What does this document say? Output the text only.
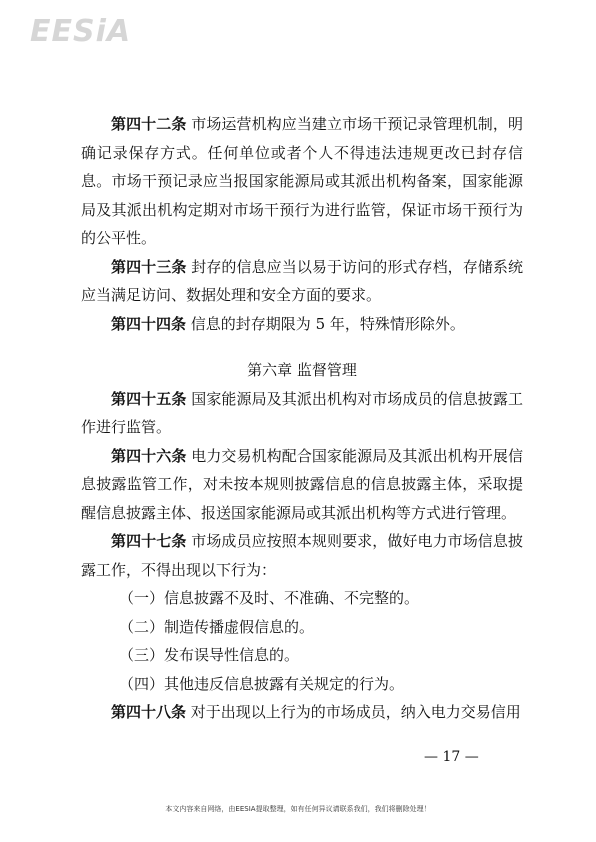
EESiA

第四十二条 市场运营机构应当建立市场干预记录管理机制，明确记录保存方式。任何单位或者个人不得违法违规更改已封存信息。市场干预记录应当报国家能源局或其派出机构备案，国家能源局及其派出机构定期对市场干预行为进行监管，保证市场干预行为的公平性。

第四十三条 封存的信息应当以易于访问的形式存档，存储系统应当满足访问、数据处理和安全方面的要求。

第四十四条 信息的封存期限为 5 年，特殊情形除外。

第六章 监督管理

第四十五条 国家能源局及其派出机构对市场成员的信息披露工作进行监管。

第四十六条 电力交易机构配合国家能源局及其派出机构开展信息披露监管工作，对未按本规则披露信息的信息披露主体，采取提醒信息披露主体、报送国家能源局或其派出机构等方式进行管理。

第四十七条 市场成员应按照本规则要求，做好电力市场信息披露工作，不得出现以下行为：

（一）信息披露不及时、不准确、不完整的。

（二）制造传播虚假信息的。

（三）发布误导性信息的。

（四）其他违反信息披露有关规定的行为。

第四十八条 对于出现以上行为的市场成员，纳入电力交易信用

— 17 —
本文内容来自网络，由EESIA提取整理，如有任何异议请联系我们，我们将删除处理！
